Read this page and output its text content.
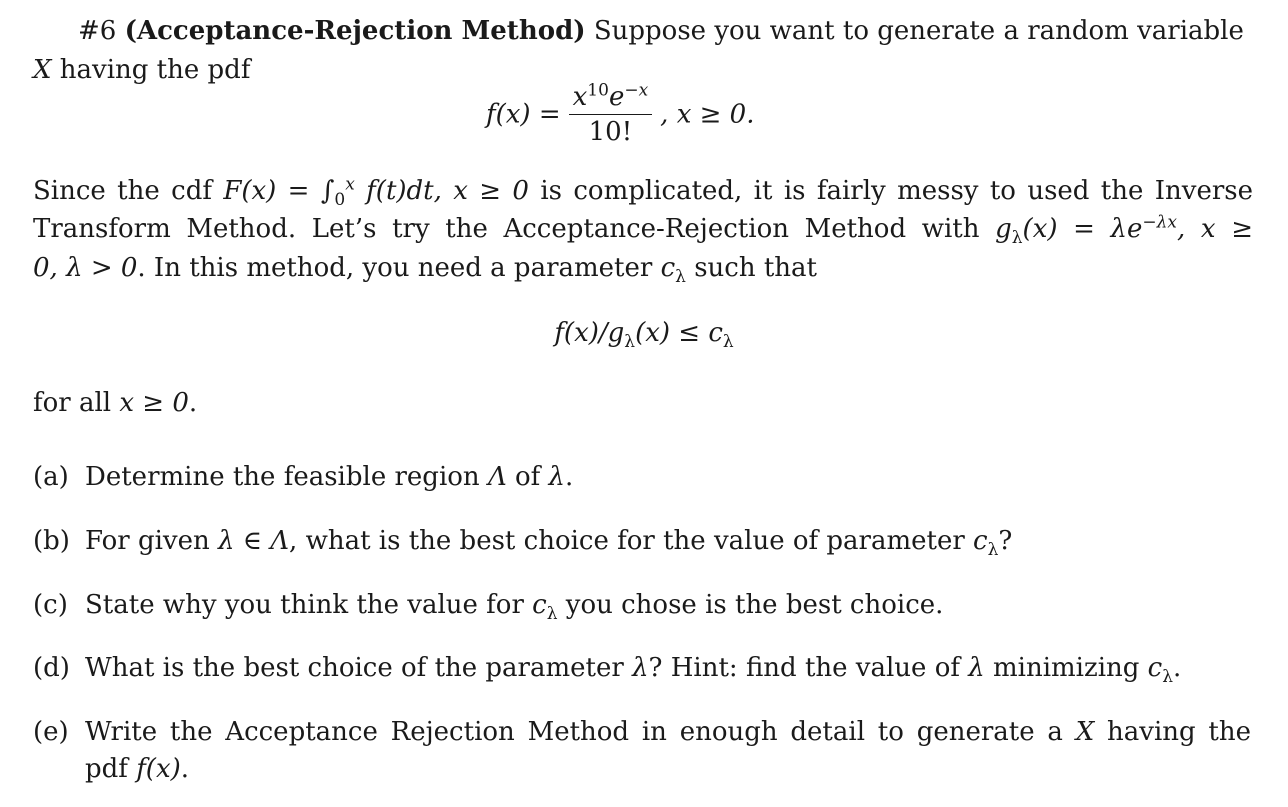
#6 (Acceptance-Rejection Method) Suppose you want to generate a random variable
X having the pdf
$f(x) = \frac{x^{10}e^{-x}}{10!}$ , x ≥ 0.
Since the cdf $F(x) = \int_0^x$ f(t)dt, x ≥ 0 is complicated, it is fairly messy to used the Inverse
Transform Method. Let’s try the Acceptance-Rejection Method with $g_\lambda(x) = \lambda e^{-\lambda x}$, x ≥
0, λ > 0. In this method, you need a parameter $c_\lambda$ such that
$f(x)/g_\lambda(x) \le c_\lambda$
for all x ≥ 0.
(a) Determine the feasible region Λ of λ.
(b) For given λ ∈ Λ, what is the best choice for the value of parameter $c_\lambda$?
(c) State why you think the value for $c_\lambda$ you chose is the best choice.
(d) What is the best choice of the parameter λ? Hint: find the value of λ minimizing $c_\lambda$.
(e) Write the Acceptance Rejection Method in enough detail to generate a X having the
pdf f(x).
